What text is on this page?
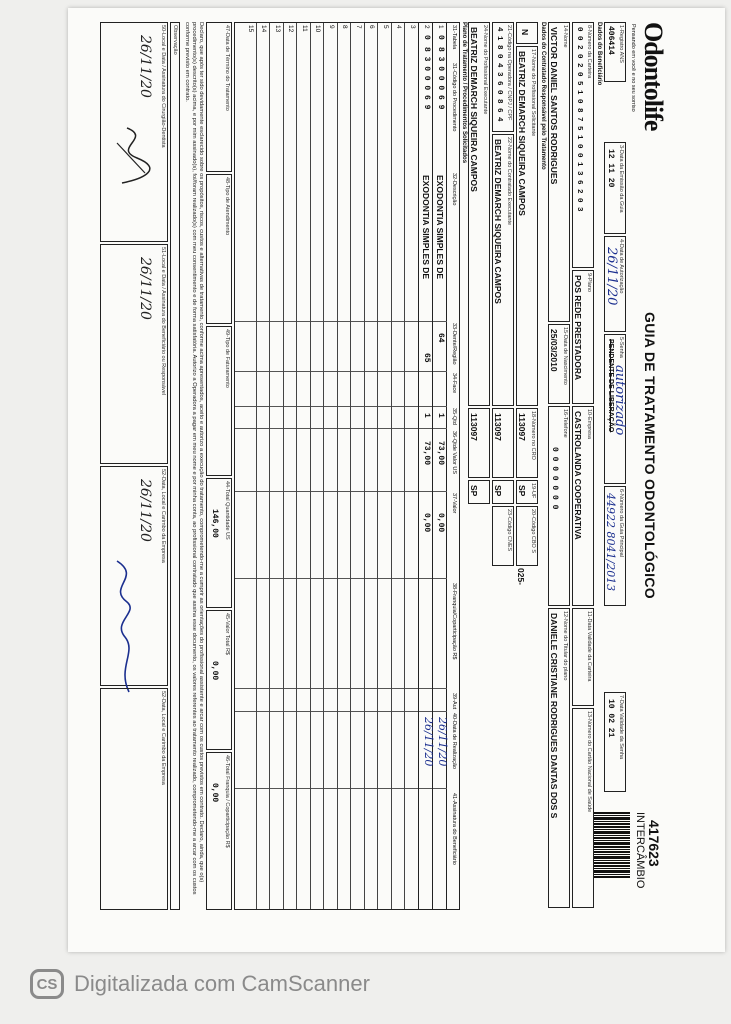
Odontolife
Pensando em você e no seu sorriso
GUIA DE TRATAMENTO ODONTOLÓGICO
417623
INTERCÂMBIO
1-Registro ANS
406414
3-Data da Emissão da Guia
12 11 20
4-Data de Autorização
26/11/20
5-Senha
PENDENTE DE LIBERAÇÃO
autorizado
6-Número da Guia Principal
44922 8041/2013
7-Data Validade da Senha
10 02 21
Dados do Beneficiário
8-Número da Carteira
0 0 2 0 2 0 5 1 0 8 7 5 1 0 0 1 3 6 2 0 3
9-Plano
POS REDE PRESTADORA
10-Empresa
CASTROLANDA COOPERATIVA
11-Data Validade da Carteira
13-Número do Cartão Nacional de Saúde
14-Nome
VICTOR DANIEL SANTOS RODRIGUES
15-Data de Nascimento
25/03/2010
16-Telefone
0 0 0 0 0 0 0
12-Nome do Titular do plano
DANIELE CRISTIANE RODRIGUES DANTAS DOS S
Dados do Contratado Responsável pelo Tratamento
N
17-Nome do Profissional Solicitante
BEATRIZ DEMARCH SIQUEIRA CAMPOS
18-Número no CRO
113097
19-UF
SP
20-Código CBO S
025-
21-Código na Operadora / CNPJ / CPF
4 1 8 0 4 3 6 0 8 6 4
22-Nome do Contratado Executante
BEATRIZ DEMARCH SIQUEIRA CAMPOS
113097
SP
23-Código CNES
24-Nome do Profissional Executante
BEATRIZ DEMARCH SIQUEIRA CAMPOS
113097
SP
Plano de Tratamento / Procedimentos Solicitados
31-Tabela
31-Código do Procedimento
32-Descrição
33-Dente/Região
34-Face
35-Qtd
36-Qtde Valor US
37-Valor
38-Franquia/Coparticipação R$
39-Aut
40-Data de Realização
41-Assinatura do Beneficiário
1
0
8 3 0 0 0 6 9
EXODONTIA SIMPLES DE
64
1
73,00
0,00
26/11/20
2
0
8 3 0 0 0 6 9
EXODONTIA SIMPLES DE
65
1
73,00
0,00
26/11/20
3
4
5
6
7
8
9
10
11
12
13
14
15
47-Data de Término do Tratamento
48-Tipo de Atendimento
49-Tipo de Faturamento
44-Total Quantidade US
146,00
45-Valor Total R$
0,00
46-Total Franquia / Coparticipação R$
0,00
Declaro, que após ter sido devidamente esclarecido sobre os propósitos, riscos, custos e alternativas de tratamento, conforme acima apresentados, aceito e autorizo a execução do tratamento, comprometendo-me a cumprir as orientações do profissional assistente e arcar com os custos previstos em contrato. Declaro, ainda, que o(s) procedimento(s) descrito(s) acima, e por mim assinado(s), foi/foram realizado(s) com meu consentimento e de forma satisfatória. Autorizo a Operadora a pagar em meu nome e por minha conta, ao profissional contratado que assina esse documento, os valores referentes ao tratamento realizado, comprometendo-me a arcar com os custos conforme previsto em contrato.
Observação
50-Local e Data / Assinatura do Cirurgião-Dentista
26/11/20
51-Local e Data / Assinatura do Beneficiário ou Responsável
26/11/20
52-Data, Local e Carimbo da Empresa
26/11/20
52-Data, Local e Carimbo da Empresa
CS Digitalizada com CamScanner
